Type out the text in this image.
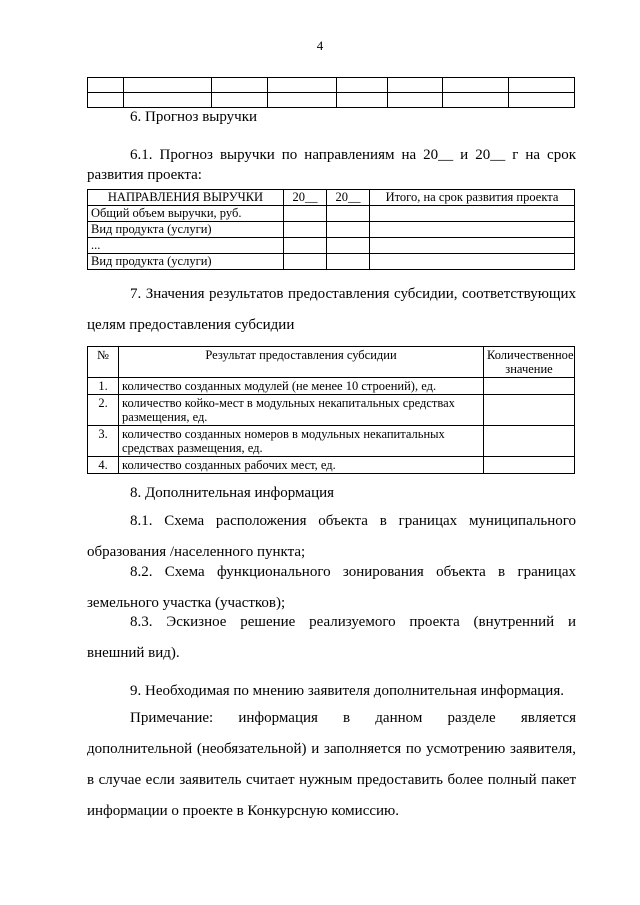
4

6. Прогноз выручки
6.1. Прогноз выручки по направлениям на 20__ и 20__ г на срок развития проекта:
НАПРАВЛЕНИЯ ВЫРУЧКИ	20__	20__	Итого, на срок развития проекта
Общий объем выручки, руб.			
Вид продукта (услуги)			
...			
Вид продукта (услуги)			
7. Значения результатов предоставления субсидии, соответствующих целям предоставления субсидии
№	Результат предоставления субсидии	Количественное значение
1.	количество созданных модулей (не менее 10 строений), ед.	
2.	количество койко-мест в модульных некапитальных средствах размещения, ед.	
3.	количество созданных номеров в модульных некапитальных средствах размещения, ед.	
4.	количество созданных рабочих мест, ед.	
8. Дополнительная информация
8.1. Схема расположения объекта в границах муниципального образования /населенного пункта;
8.2. Схема функционального зонирования объекта в границах земельного участка (участков);
8.3. Эскизное решение реализуемого проекта (внутренний и внешний вид).
9. Необходимая по мнению заявителя дополнительная информация.
Примечание: информация в данном разделе является дополнительной (необязательной) и заполняется по усмотрению заявителя, в случае если заявитель считает нужным предоставить более полный пакет информации о проекте в Конкурсную комиссию.
